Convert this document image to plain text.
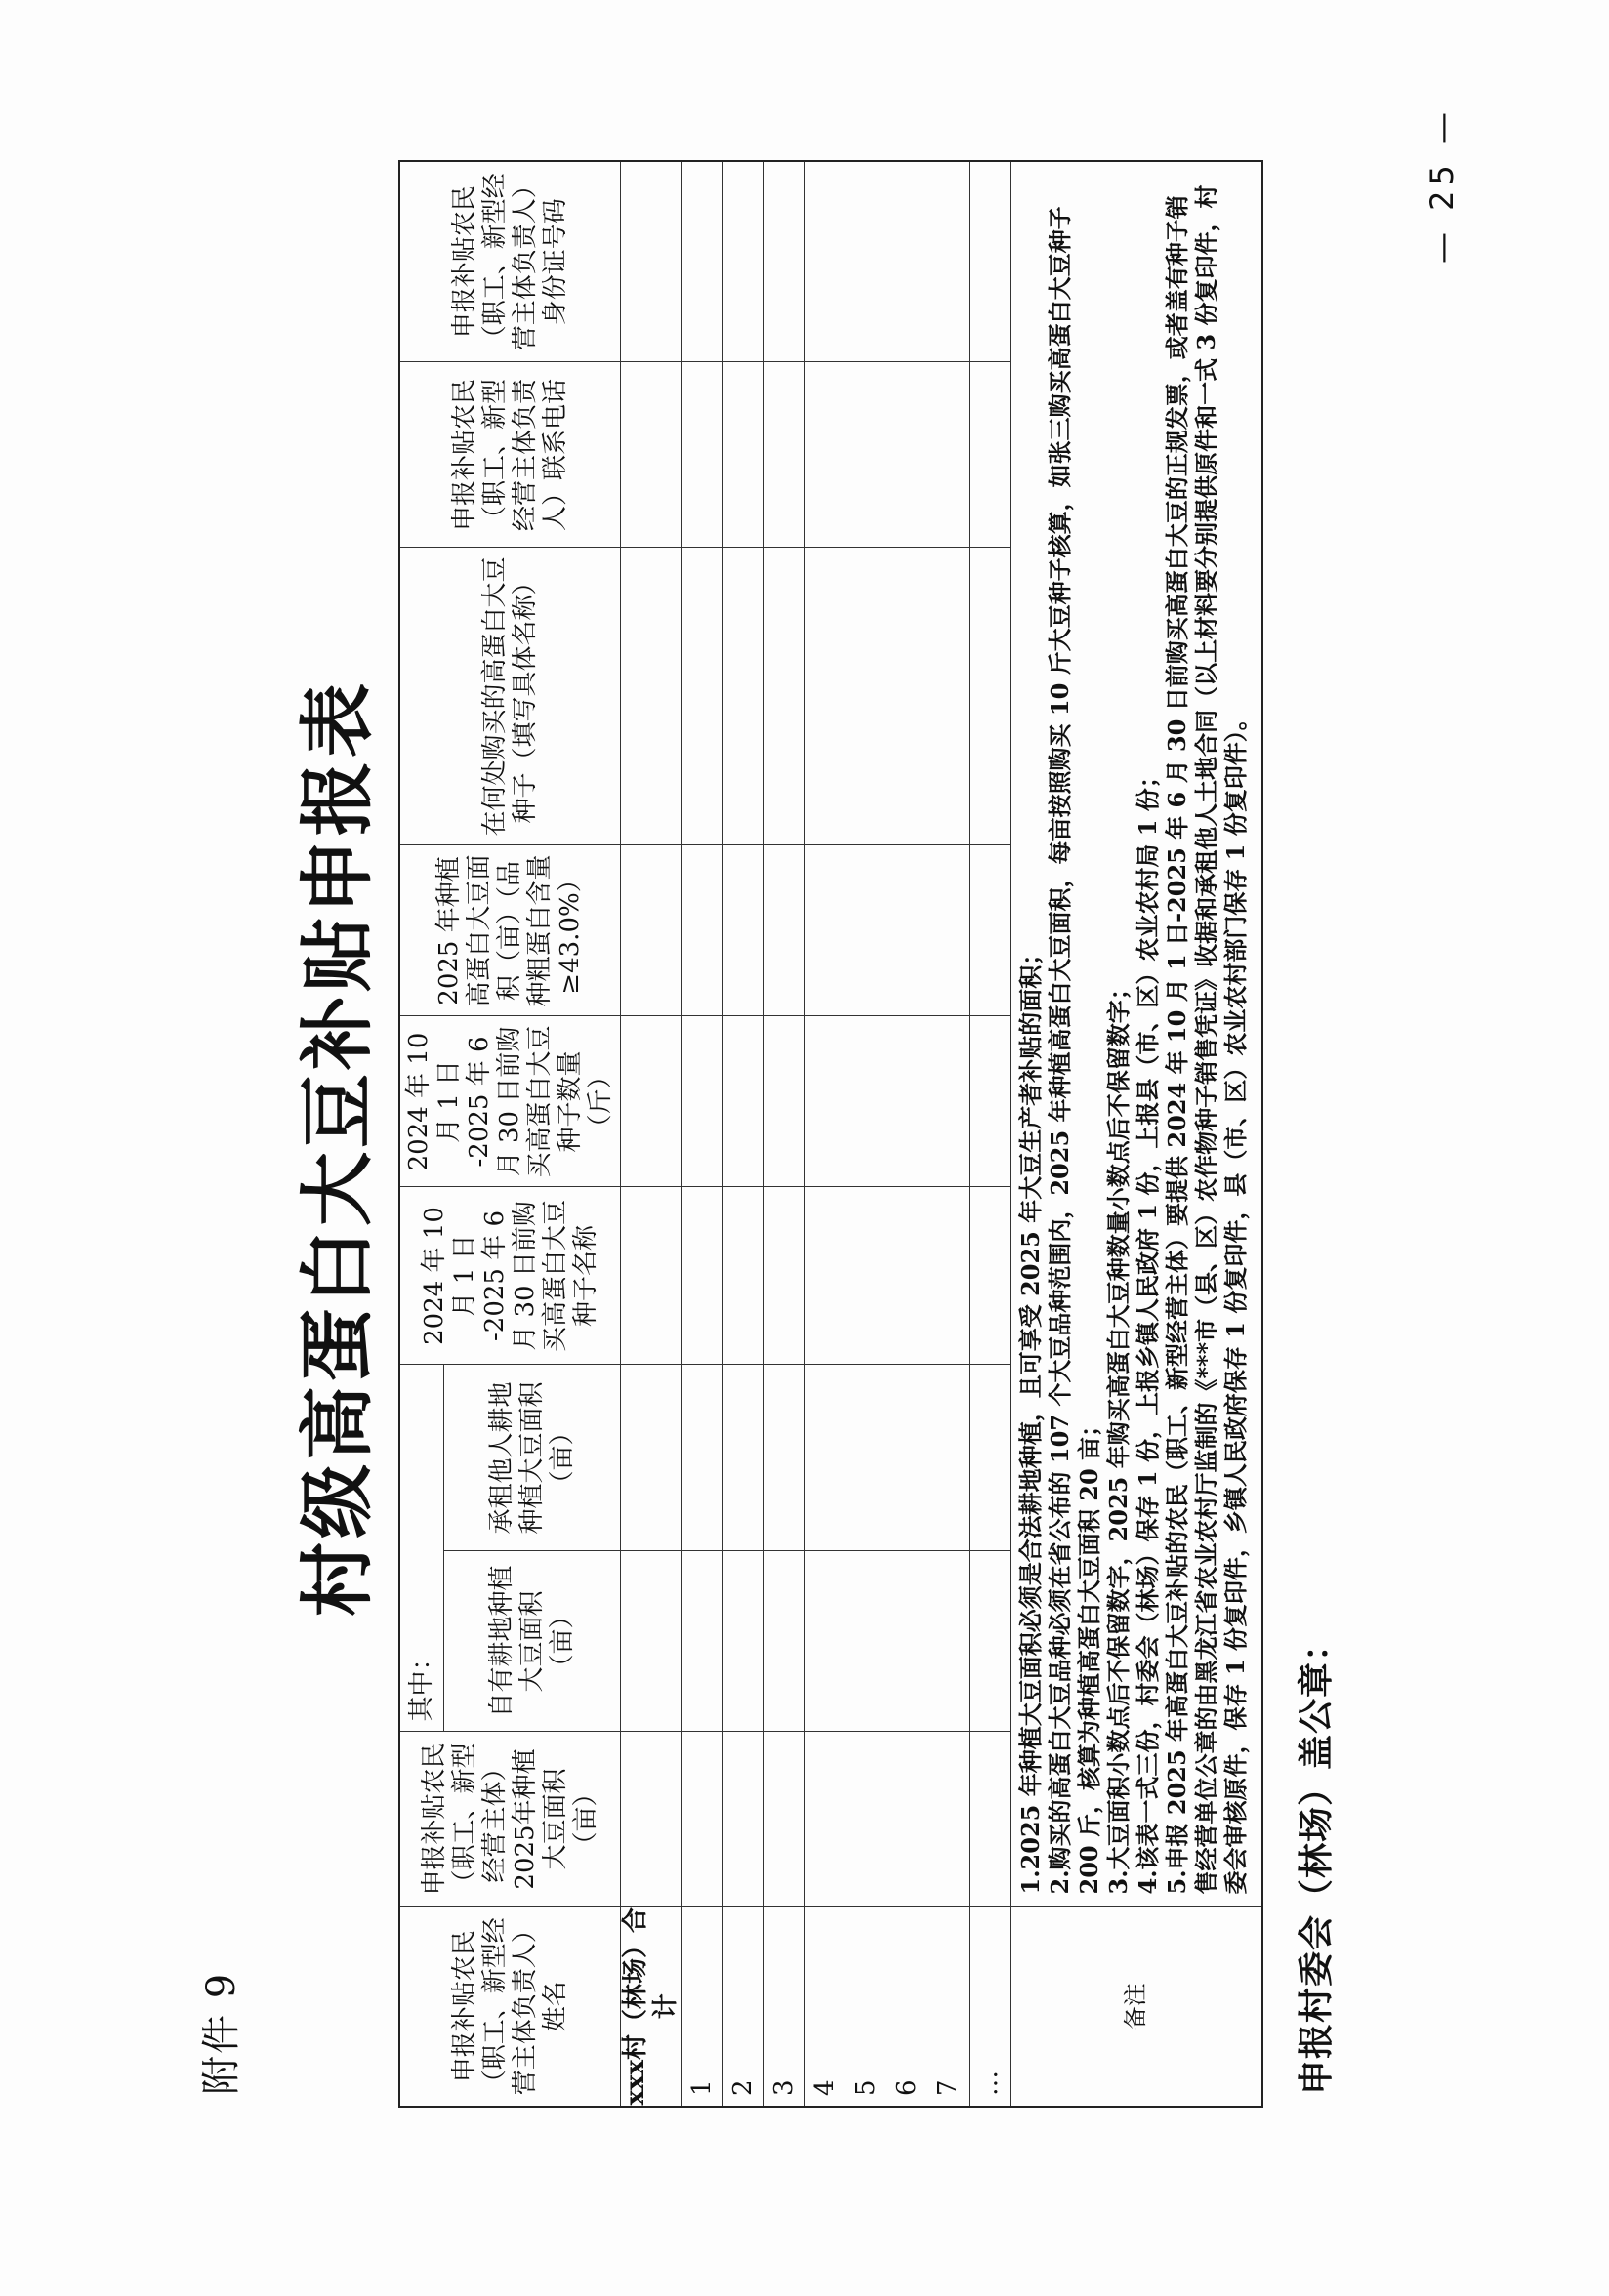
附件 9
村级高蛋白大豆补贴申报表
申报补贴农民（职工、新型经营主体负责人）姓名	申报补贴农民（职工、新型经营主体）2025年种植大豆面积（亩）	其中：		2024 年 10 月 1 日 -2025 年 6 月 30 日前购买高蛋白大豆种子名称	2024 年 10 月 1 日 -2025 年 6 月 30 日前购买高蛋白大豆种子数量（斤）	2025 年种植高蛋白大豆面积（亩）（品种粗蛋白含量≥43.0%）	在何处购买的高蛋白大豆种子（填写具体名称）	申报补贴农民（职工、新型经营主体负责人）联系电话	申报补贴农民（职工、新型经营主体负责人）身份证号码
		自有耕地种植大豆面积（亩）	承租他人耕地种植大豆面积（亩）						
xxx村（林场）合计									
1									
2									
3									
4									
5									
6									
7									
…									
备注	1.2025 年种植大豆面积必须是合法耕地种植，且可享受 2025 年大豆生产者补贴的面积； 2.购买的高蛋白大豆品种必须在省公布的 107 个大豆品种范围内，2025 年种植高蛋白大豆面积，每亩按照购买 10 斤大豆种子核算，如张三购买高蛋白大豆种子 200 斤，核算为种植高蛋白大豆面积 20 亩； 3.大豆面积小数点后不保留数字，2025 年购买高蛋白大豆种数量小数点后不保留数字； 4.该表一式三份，村委会（林场）保存 1 份，上报乡镇人民政府 1 份，上报县（市、区）农业农村局 1 份； 5.申报 2025 年高蛋白大豆补贴的农民（职工、新型经营主体）要提供 2024 年 10 月 1 日-2025 年 6 月 30 日前购买高蛋白大豆的正规发票，或者盖有种子销售经营单位公章的由黑龙江省农业农村厅监制的《***市（县、区）农作物种子销售凭证》收据和承租他人土地合同（以上材料要分别提供原件和一式 3 份复印件，村委会审核原件，保存 1 份复印件，乡镇人民政府保存 1 份复印件，县（市、区）农业农村部门保存 1 份复印件）。								申报村委会（林场）盖公章：
— 25 —
